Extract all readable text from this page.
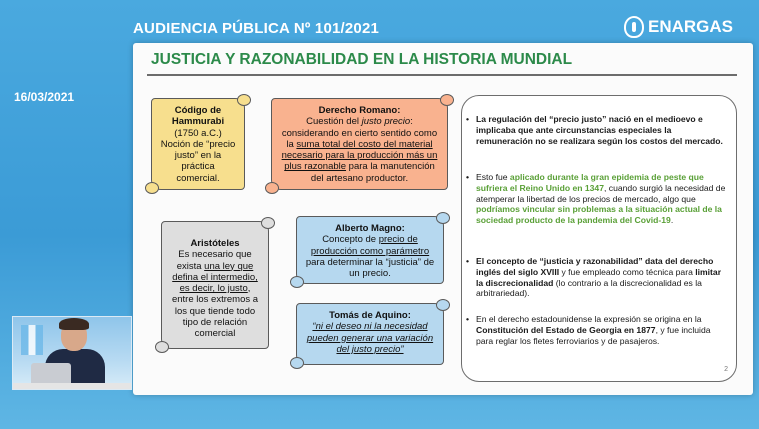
AUDIENCIA PÚBLICA Nº 101/2021	ENARGAS
16/03/2021
JUSTICIA Y RAZONABILIDAD EN LA HISTORIA MUNDIAL
Código de Hammurabi
(1750 a.C.) Noción de “precio justo” en la práctica comercial.
Derecho Romano:
Cuestión del justo precio: considerando en cierto sentido como la suma total del costo del material necesario para la producción más un plus razonable para la manutención del artesano productor.
Aristóteles
Es necesario que exista una ley que defina el intermedio, es decir, lo justo, entre los extremos a los que tiende todo tipo de relación comercial
Alberto Magno:
Concepto de precio de producción como parámetro para determinar la “justicia” de un precio.
Tomás de Aquino:
“ni el deseo ni la necesidad pueden generar una variación del justo precio”
• La regulación del “precio justo” nació en el medioevo e implicaba que ante circunstancias especiales la remuneración no se realizara según los costos del mercado.
• Esto fue aplicado durante la gran epidemia de peste que sufriera el Reino Unido en 1347, cuando surgió la necesidad de atemperar la libertad de los precios de mercado, algo que podríamos vincular sin problemas a la situación actual de la sociedad producto de la pandemia del Covid-19.
• El concepto de “justicia y razonabilidad” data del derecho inglés del siglo XVIII y fue empleado como técnica para limitar la discrecionalidad (lo contrario a la discrecionalidad es la arbitrariedad).
• En el derecho estadounidense la expresión se origina en la Constitución del Estado de Georgia en 1877, y fue incluida para reglar los fletes ferroviarios y de pasajeros.
2
